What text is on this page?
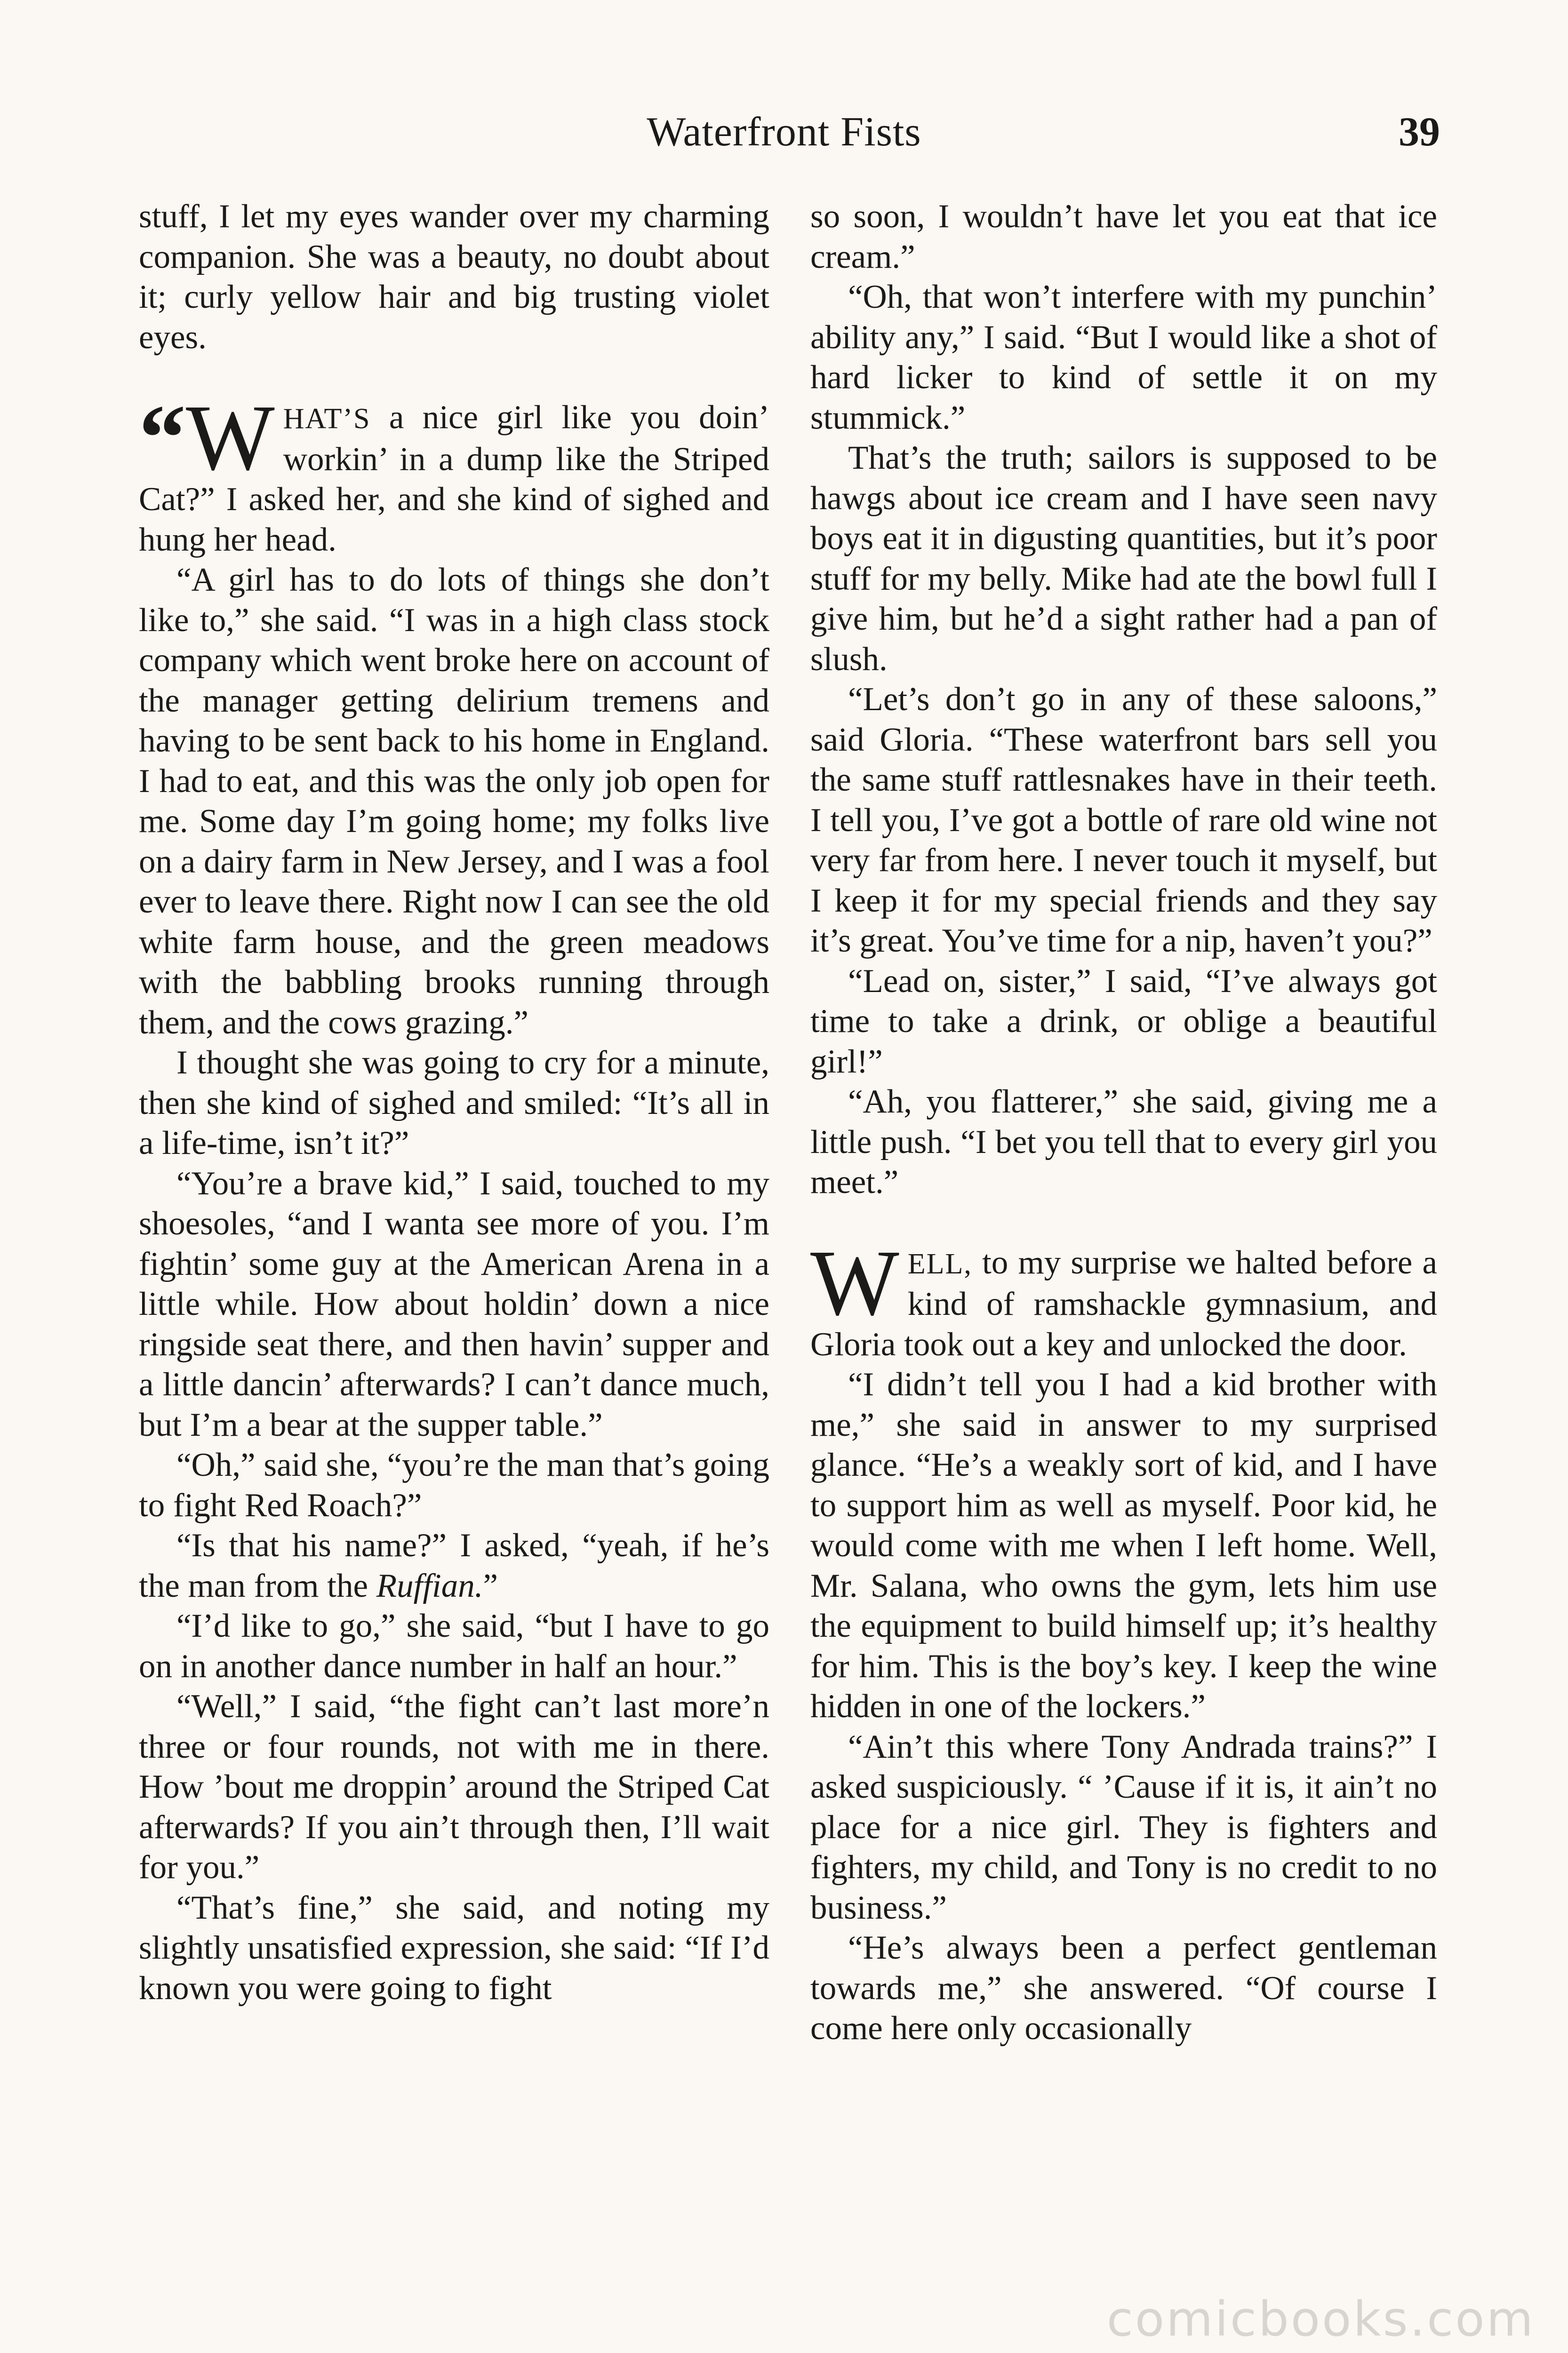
Waterfront Fists	39

stuff, I let my eyes wander over my charming companion. She was a beauty, no doubt about it; curly yellow hair and big trusting violet eyes.

“W HAT’S a nice girl like you doin’ workin’ in a dump like the Striped Cat?” I asked her, and she kind of sighed and hung her head.

“A girl has to do lots of things she don’t like to,” she said. “I was in a high class stock company which went broke here on account of the manager getting delirium tremens and having to be sent back to his home in England. I had to eat, and this was the only job open for me. Some day I’m going home; my folks live on a dairy farm in New Jersey, and I was a fool ever to leave there. Right now I can see the old white farm house, and the green meadows with the babbling brooks running through them, and the cows grazing.”

I thought she was going to cry for a minute, then she kind of sighed and smiled: “It’s all in a life-time, isn’t it?”

“You’re a brave kid,” I said, touched to my shoesoles, “and I wanta see more of you. I’m fightin’ some guy at the American Arena in a little while. How about holdin’ down a nice ringside seat there, and then havin’ supper and a little dancin’ afterwards? I can’t dance much, but I’m a bear at the supper table.”

“Oh,” said she, “you’re the man that’s going to fight Red Roach?”

“Is that his name?” I asked, “yeah, if he’s the man from the Ruffian.”

“I’d like to go,” she said, “but I have to go on in another dance number in half an hour.”

“Well,” I said, “the fight can’t last more’n three or four rounds, not with me in there. How ’bout me droppin’ around the Striped Cat afterwards? If you ain’t through then, I’ll wait for you.”

“That’s fine,” she said, and noting my slightly unsatisfied expression, she said: “If I’d known you were going to fight

so soon, I wouldn’t have let you eat that ice cream.”

“Oh, that won’t interfere with my punchin’ ability any,” I said. “But I would like a shot of hard licker to kind of settle it on my stummick.”

That’s the truth; sailors is supposed to be hawgs about ice cream and I have seen navy boys eat it in digusting quantities, but it’s poor stuff for my belly. Mike had ate the bowl full I give him, but he’d a sight rather had a pan of slush.

“Let’s don’t go in any of these saloons,” said Gloria. “These waterfront bars sell you the same stuff rattlesnakes have in their teeth. I tell you, I’ve got a bottle of rare old wine not very far from here. I never touch it myself, but I keep it for my special friends and they say it’s great. You’ve time for a nip, haven’t you?”

“Lead on, sister,” I said, “I’ve always got time to take a drink, or oblige a beautiful girl!”

“Ah, you flatterer,” she said, giving me a little push. “I bet you tell that to every girl you meet.”

WELL, to my surprise we halted before a kind of ramshackle gymnasium, and Gloria took out a key and unlocked the door.

“I didn’t tell you I had a kid brother with me,” she said in answer to my surprised glance. “He’s a weakly sort of kid, and I have to support him as well as myself. Poor kid, he would come with me when I left home. Well, Mr. Salana, who owns the gym, lets him use the equipment to build himself up; it’s healthy for him. This is the boy’s key. I keep the wine hidden in one of the lockers.”

“Ain’t this where Tony Andrada trains?” I asked suspiciously. “ ’Cause if it is, it ain’t no place for a nice girl. They is fighters and fighters, my child, and Tony is no credit to no business.”

“He’s always been a perfect gentleman towards me,” she answered. “Of course I come here only occasionally

comicbooks.com
